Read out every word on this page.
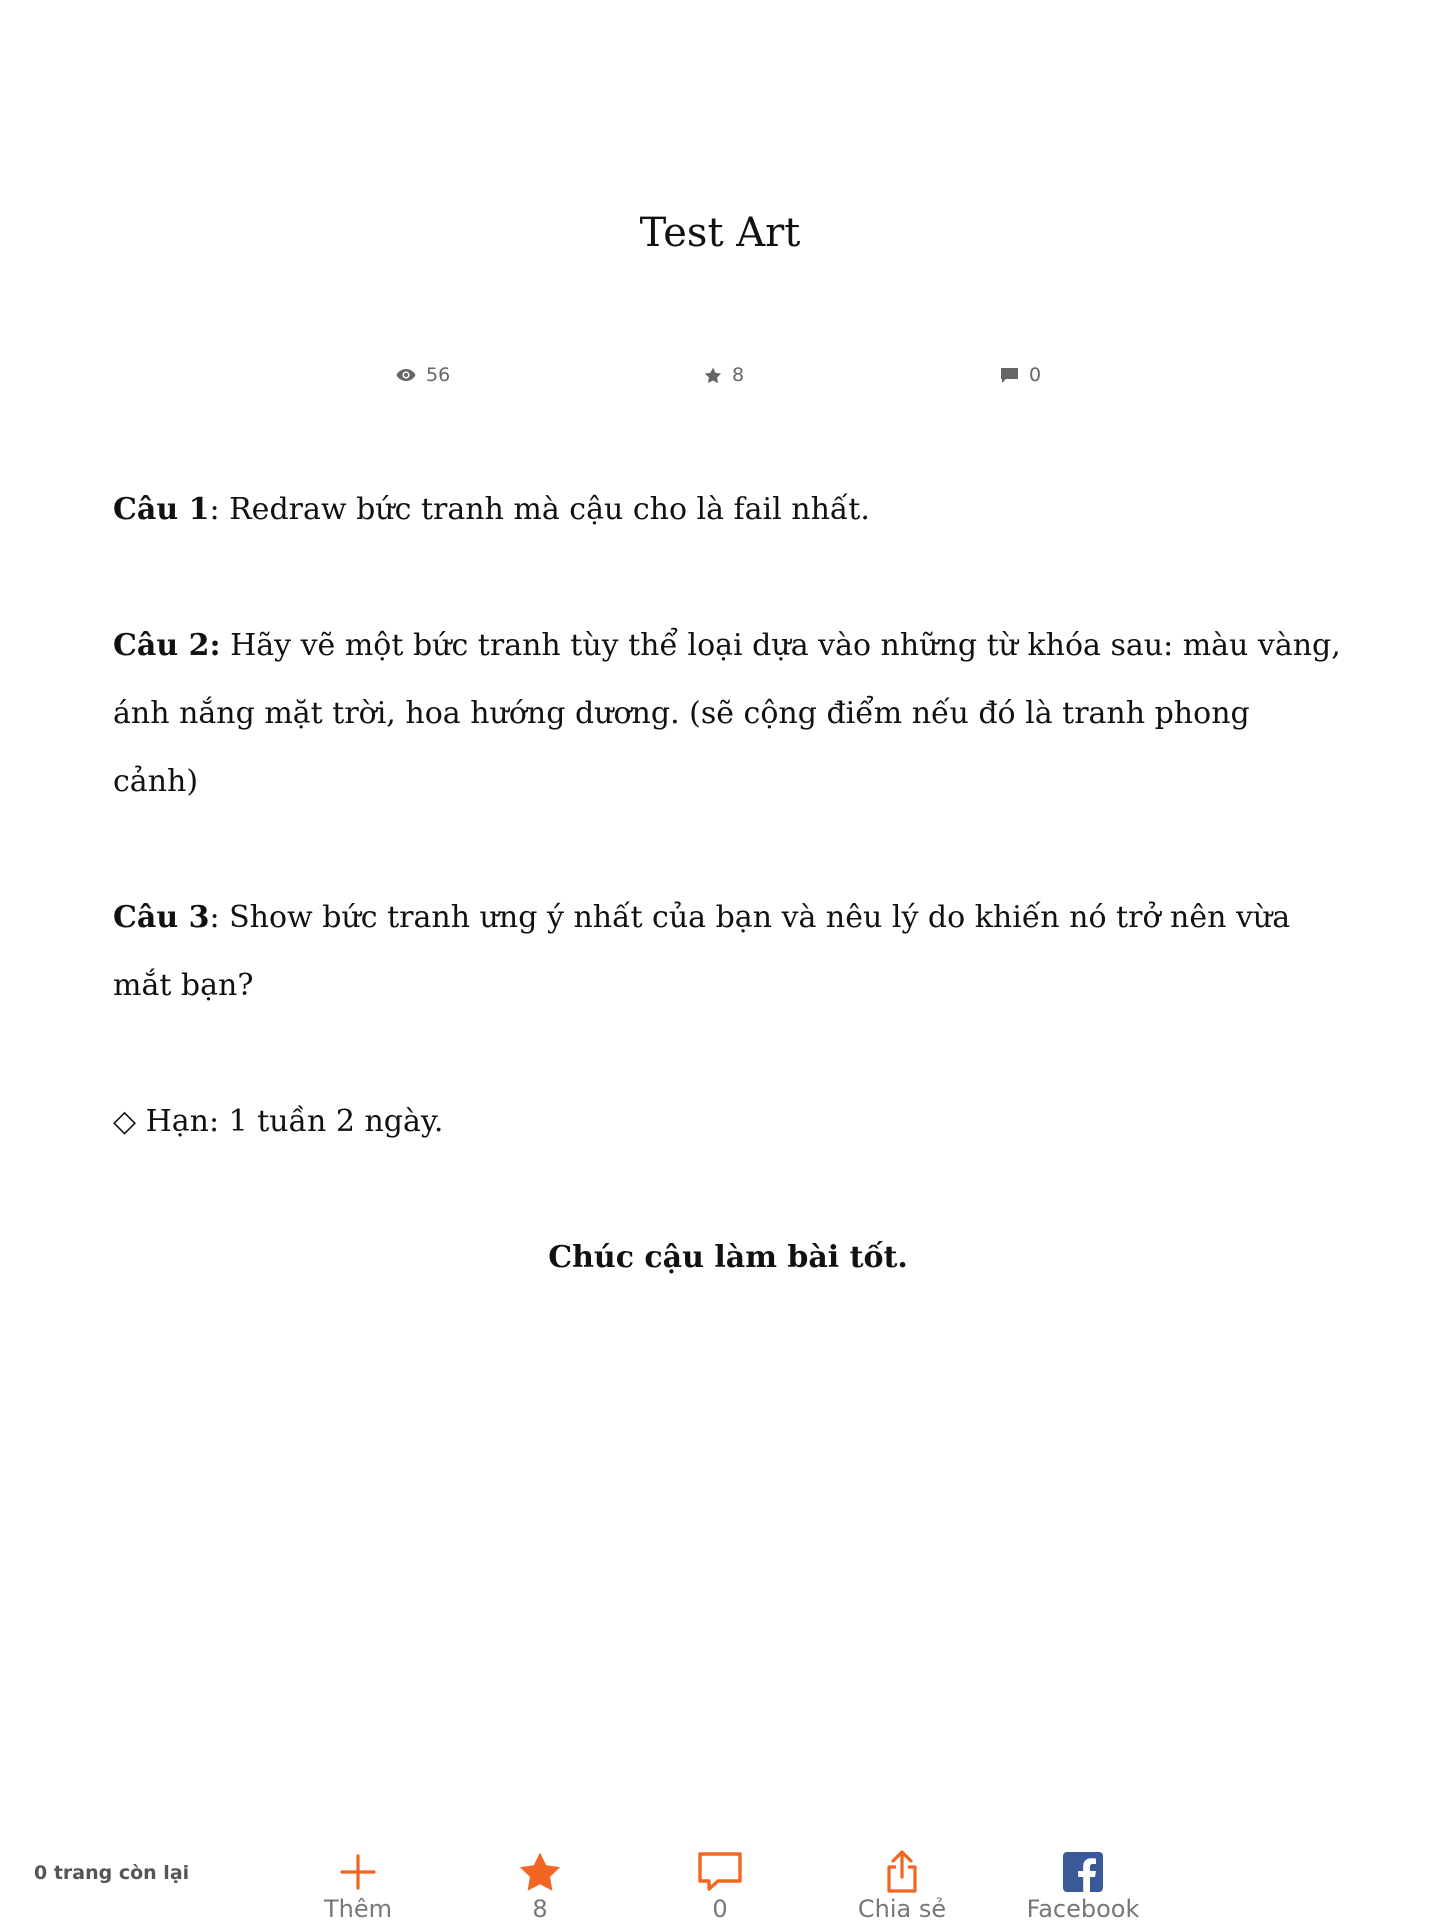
Test Art
56	8	0

Câu 1: Redraw bức tranh mà cậu cho là fail nhất.

Câu 2: Hãy vẽ một bức tranh tùy thể loại dựa vào những từ khóa sau: màu vàng, ánh nắng mặt trời, hoa hướng dương. (sẽ cộng điểm nếu đó là tranh phong cảnh)

Câu 3: Show bức tranh ưng ý nhất của bạn và nêu lý do khiến nó trở nên vừa mắt bạn?

◇ Hạn: 1 tuần 2 ngày.

Chúc cậu làm bài tốt.

0 trang còn lại
Thêm	8	0	Chia sẻ	Facebook
